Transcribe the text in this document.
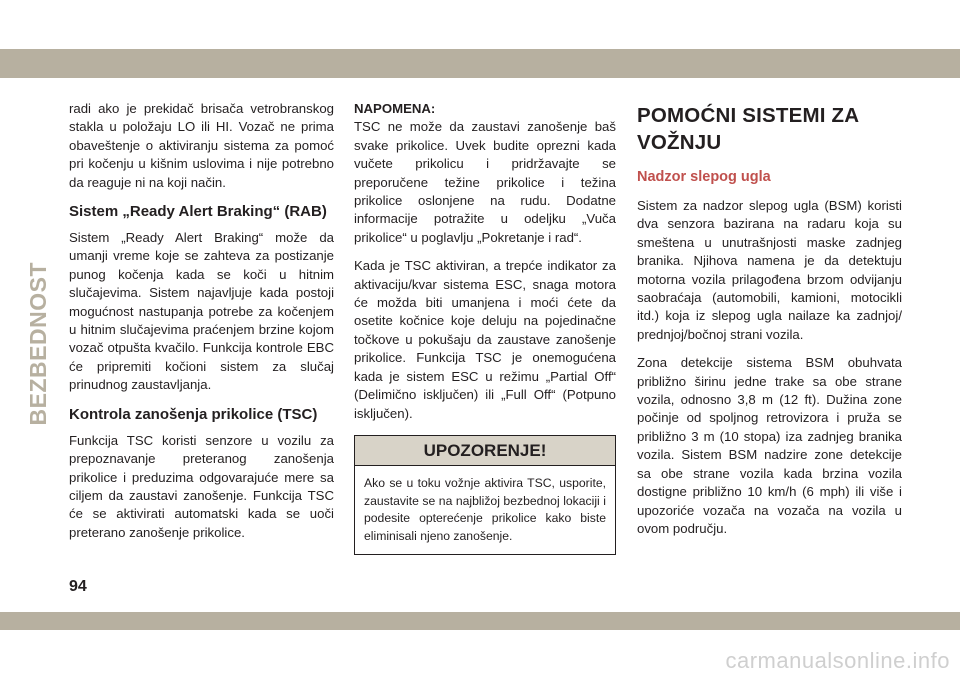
BEZBEDNOST

radi ako je prekidač brisača vetrobranskog stakla u položaju LO ili HI. Vozač ne prima obaveštenje o aktiviranju sistema za pomoć pri kočenju u kišnim uslovima i nije potrebno da reaguje ni na koji način.

Sistem „Ready Alert Braking“ (RAB)

Sistem „Ready Alert Braking“ može da umanji vreme koje se zahteva za postizanje punog kočenja kada se koči u hitnim slučajevima. Sistem najavljuje kada postoji mogućnost nastupanja potrebe za kočenjem u hitnim slučajevima praćenjem brzine kojom vozač otpušta kvačilo. Funkcija kontrole EBC će pripremiti kočioni sistem za slučaj prinudnog zaustavljanja.

Kontrola zanošenja prikolice (TSC)

Funkcija TSC koristi senzore u vozilu za prepoznavanje preteranog zanošenja prikolice i preduzima odgovarajuće mere sa ciljem da zaustavi zanošenje. Funkcija TSC će se aktivirati automatski kada se uoči preterano zanošenje prikolice.

NAPOMENA:

TSC ne može da zaustavi zanošenje baš svake prikolice. Uvek budite oprezni kada vučete prikolicu i pridržavajte se preporučene težine prikolice i težina prikolice oslonjene na rudu. Dodatne informacije potražite u odeljku „Vuča prikolice“ u poglavlju „Pokretanje i rad“.

Kada je TSC aktiviran, a trepće indikator za aktivaciju/kvar sistema ESC, snaga motora će možda biti umanjena i moći ćete da osetite kočnice koje deluju na pojedinačne točkove u pokušaju da zaustave zanošenje prikolice. Funkcija TSC je onemogućena kada je sistem ESC u režimu „Partial Off“ (Delimično isključen) ili „Full Off“ (Potpuno isključen).

UPOZORENJE!
Ako se u toku vožnje aktivira TSC, usporite, zaustavite se na najbližoj bezbednoj lokaciji i podesite opterećenje prikolice kako biste eliminisali njeno zanošenje.
POMOĆNI SISTEMI ZA VOŽNJU
Nadzor slepog ugla

Sistem za nadzor slepog ugla (BSM) koristi dva senzora bazirana na radaru koja su smeštena u unutrašnjosti maske zadnjeg branika. Njihova namena je da detektuju motorna vozila prilagođena brzom odvijanju saobraćaja (automobili, kamioni, motocikli itd.) koja iz slepog ugla nailaze ka zadnjoj/ prednjoj/bočnoj strani vozila.

Zona detekcije sistema BSM obuhvata približno širinu jedne trake sa obe strane vozila, odnosno 3,8 m (12 ft). Dužina zone počinje od spoljnog retrovizora i pruža se približno 3 m (10 stopa) iza zadnjeg branika vozila. Sistem BSM nadzire zone detekcije sa obe strane vozila kada brzina vozila dostigne približno 10 km/h (6 mph) ili više i upozoriće vozača na vozača na vozila u ovom području.

94
carmanualsonline.info
